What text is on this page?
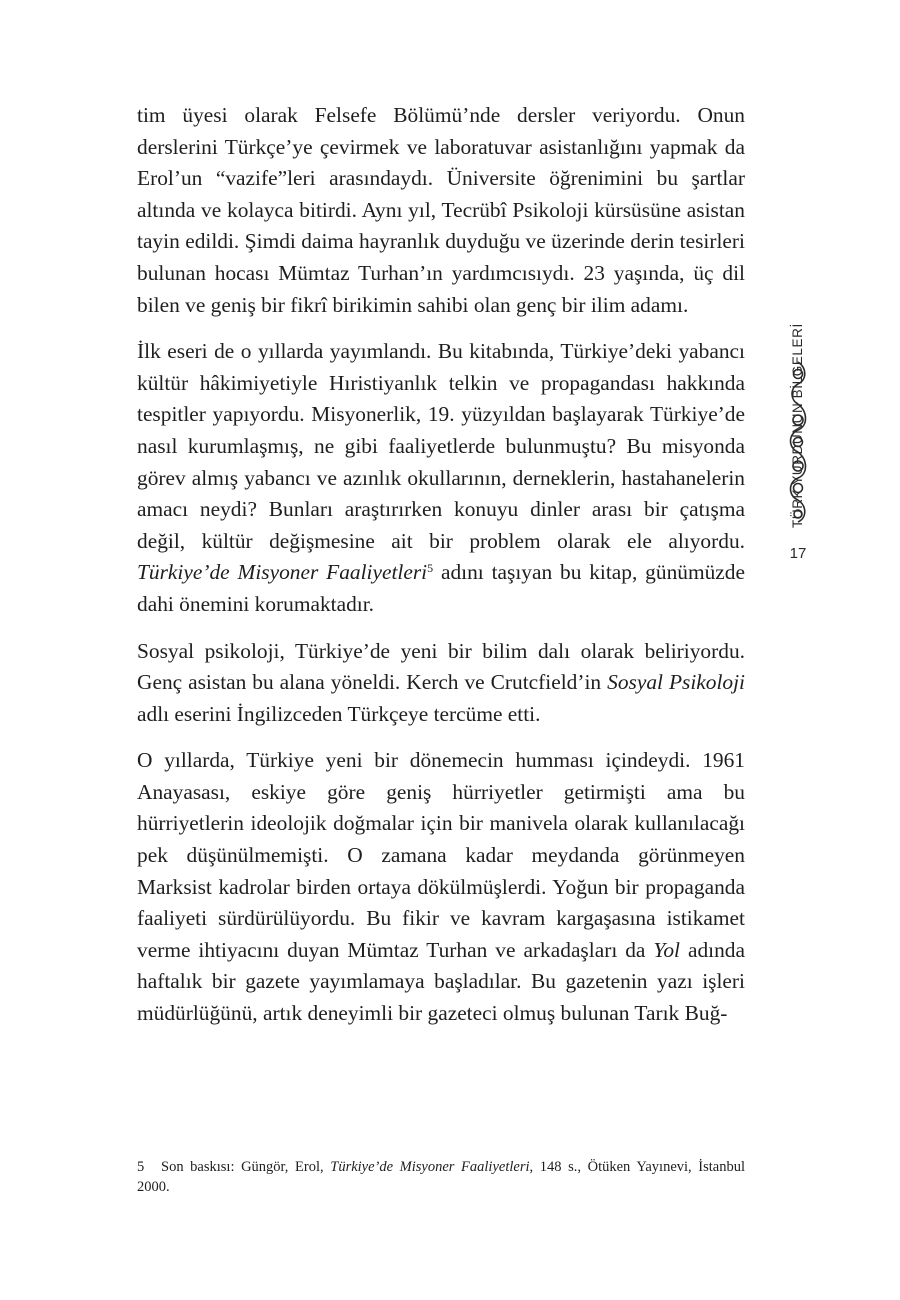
tim üyesi olarak Felsefe Bölümü’nde dersler veriyordu. Onun derslerini Türkçe’ye çevirmek ve laboratuvar asistanlığını yapmak da Erol’un “vazife”leri arasındaydı. Üniversite öğrenimini bu şartlar altında ve kolayca bitirdi. Aynı yıl, Tecrübî Psikoloji kürsüsüne asistan tayin edildi. Şimdi daima hayranlık duyduğu ve üzerinde derin tesirleri bulunan hocası Mümtaz Turhan’ın yardımcısıydı. 23 yaşında, üç dil bilen ve geniş bir fikrî birikimin sahibi olan genç bir ilim adamı.

İlk eseri de o yıllarda yayımlandı. Bu kitabında, Türkiye’deki yabancı kültür hâkimiyetiyle Hıristiyanlık telkin ve propagandası hakkında tespitler yapıyordu. Misyonerlik, 19. yüzyıldan başlayarak Türkiye’de nasıl kurumlaşmış, ne gibi faaliyetlerde bulunmuştu? Bu misyonda görev almış yabancı ve azınlık okullarının, derneklerin, hastahanelerin amacı neydi? Bunları araştırırken konuyu dinler arası bir çatışma değil, kültür değişmesine ait bir problem olarak ele alıyordu. Türkiye’de Misyoner Faaliyetleri$^5$ adını taşıyan bu kitap, günümüzde dahi önemini korumaktadır.

Sosyal psikoloji, Türkiye’de yeni bir bilim dalı olarak beliriyordu. Genç asistan bu alana yöneldi. Kerch ve Crutcfield’in Sosyal Psikoloji adlı eserini İngilizceden Türkçeye tercüme etti.

O yıllarda, Türkiye yeni bir dönemecin humması içindeydi. 1961 Anayasası, eskiye göre geniş hürriyetler getirmişti ama bu hürriyetlerin ideolojik doğmalar için bir manivela olarak kullanılacağı pek düşünülmemişti. O zamana kadar meydanda görünmeyen Marksist kadrolar birden ortaya dökülmüşlerdi. Yoğun bir propaganda faaliyeti sürdürülüyordu. Bu fikir ve kavram kargaşasına istikamet verme ihtiyacını duyan Mümtaz Turhan ve arkadaşları da Yol adında haftalık bir gazete yayımlamaya başladılar. Bu gazetenin yazı işleri müdürlüğünü, artık deneyimli bir gazeteci olmuş bulunan Tarık Buğ-

5 Son baskısı: Güngör, Erol, Türkiye’de Misyoner Faaliyetleri, 148 s., Ötüken Yayınevi, İstanbul 2000.
TÜRK YURDUNUN BİLGELERİ
17
